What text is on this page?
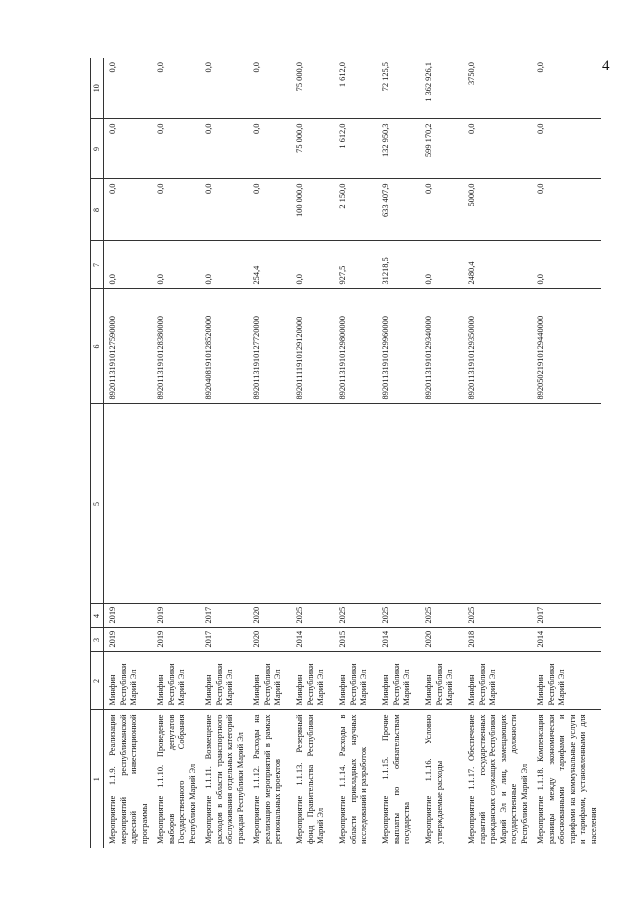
4
1	2	3	4	5	6	7	8	9	10
Мероприятие 1.1.9. Реализации мероприятий республиканской адресной инвестиционной программы	Минфин Республики Марий Эл	2019	2019		89201131910127590000	0,0	0,0	0,0	0,0
Мероприятие 1.1.10. Проведение выборов депутатов Государственного Собрания Республики Марий Эл	Минфин Республики Марий Эл	2019	2019		89201131910128380000	0,0	0,0	0,0	0,0
Мероприятие 1.1.11. Возмещение расходов в области транспортного обслуживания отдельных категорий граждан Республики Марий Эл	Минфин Республики Марий Эл	2017	2017		89204081910128520000	0,0	0,0	0,0	0,0
Мероприятие 1.1.12. Расходы на реализацию мероприятий в рамках региональных проектов	Минфин Республики Марий Эл	2020	2020		89201131910127720000	254,4	0,0	0,0	0,0
Мероприятие 1.1.13. Резервный фонд Правительства Республики Марий Эл	Минфин Республики Марий Эл	2014	2025		89201111910129120000	0,0	100 000,0	75 000,0	75 000,0
Мероприятие 1.1.14. Расходы в области прикладных научных исследований и разработок	Минфин Республики Марий Эл	2015	2025		89201131910129800000	927,5	2 150,0	1 612,0	1 612,0
Мероприятие 1.1.15. Прочие выплаты по обязательствам государства	Минфин Республики Марий Эл	2014	2025		89201131910129960000	31218,5	633 407,9	132 950,3	72 125,5
Мероприятие 1.1.16. Условно утверждаемые расходы	Минфин Республики Марий Эл	2020	2025		89201131910129340000	0,0	0,0	599 170,2	1 362 926,1
Мероприятие 1.1.17. Обеспечение гарантий государственных гражданских служащих Республики Марий Эл и лиц, замещающих государственные должности Республики Марий Эл	Минфин Республики Марий Эл	2018	2025		89201131910129350000	2480,4	5000,0	0,0	3750,0
Мероприятие 1.1.18. Компенсация разницы между экономически обоснованными тарифами и тарифами на коммунальные услуги и тарифами, установленными для населения	Минфин Республики Марий Эл	2014	2017		89205021910129440000	0,0	0,0	0,0	0,0
